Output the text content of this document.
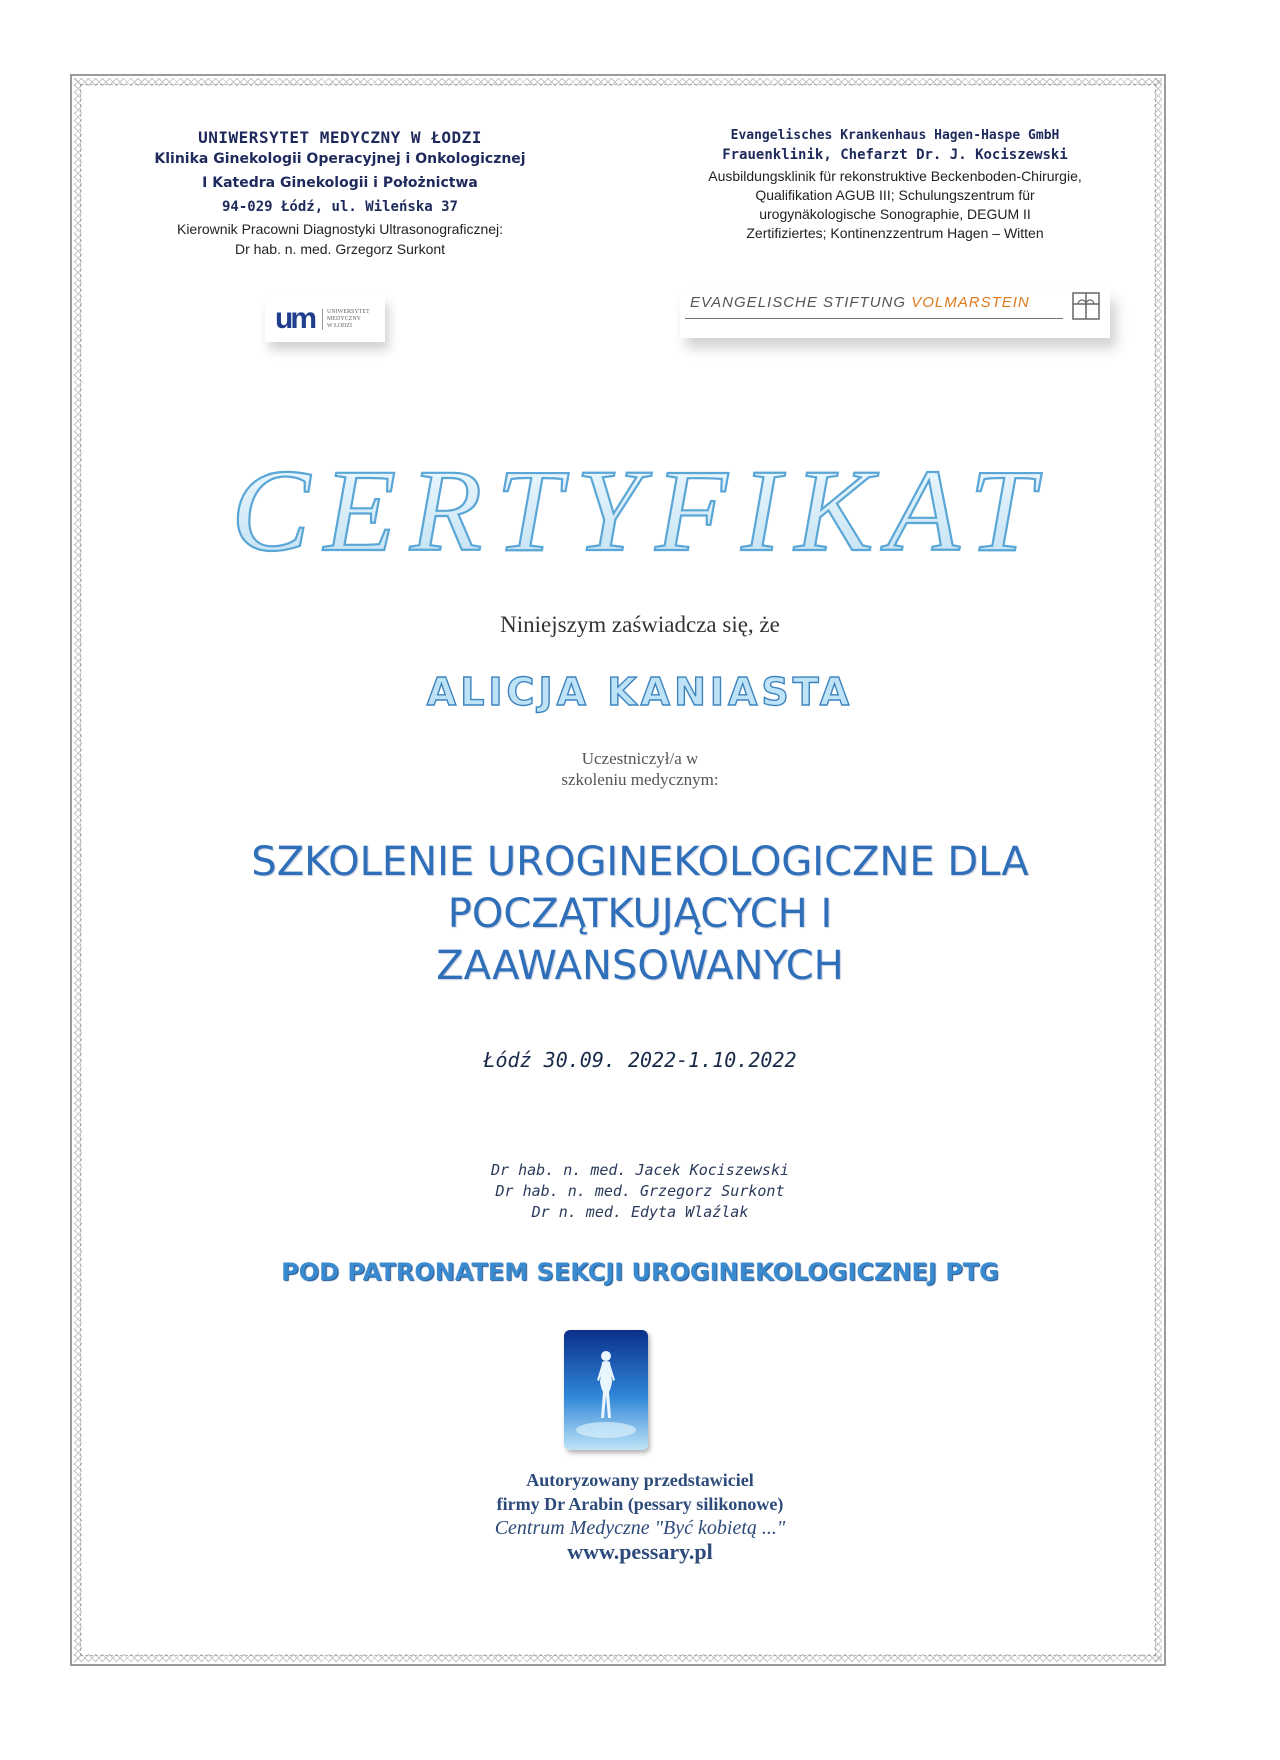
UNIWERSYTET MEDYCZNY W ŁODZI
Klinika Ginekologii Operacyjnej i Onkologicznej
I Katedra Ginekologii i Położnictwa
94-029 Łódź, ul. Wileńska 37
Kierownik Pracowni Diagnostyki Ultrasonograficznej:
Dr hab. n. med. Grzegorz Surkont
Evangelisches Krankenhaus Hagen-Haspe GmbH
Frauenklinik, Chefarzt Dr. J. Kociszewski
Ausbildungsklinik für rekonstruktive Beckenboden-Chirurgie,
Qualifikation AGUB III; Schulungszentrum für
urogynäkologische Sonographie, DEGUM II
Zertifiziertes; Kontinenzzentrum Hagen – Witten
um	UNIWERSYTET
MEDYCZNY
W ŁODZI
EVANGELISCHE STIFTUNG VOLMARSTEIN
CERTYFIKAT
Niniejszym zaświadcza się, że
ALICJA KANIASTA
Uczestniczył/a w
szkoleniu medycznym:
SZKOLENIE UROGINEKOLOGICZNE DLA
POCZĄTKUJĄCYCH I
ZAAWANSOWANYCH
Łódź 30.09. 2022-1.10.2022
Dr hab. n. med. Jacek Kociszewski
Dr hab. n. med. Grzegorz Surkont
Dr n. med. Edyta Wlaźlak
POD PATRONATEM SEKCJI UROGINEKOLOGICZNEJ PTG
Autoryzowany przedstawiciel
firmy Dr Arabin (pessary silikonowe)
Centrum Medyczne "Być kobietą ..."
www.pessary.pl
